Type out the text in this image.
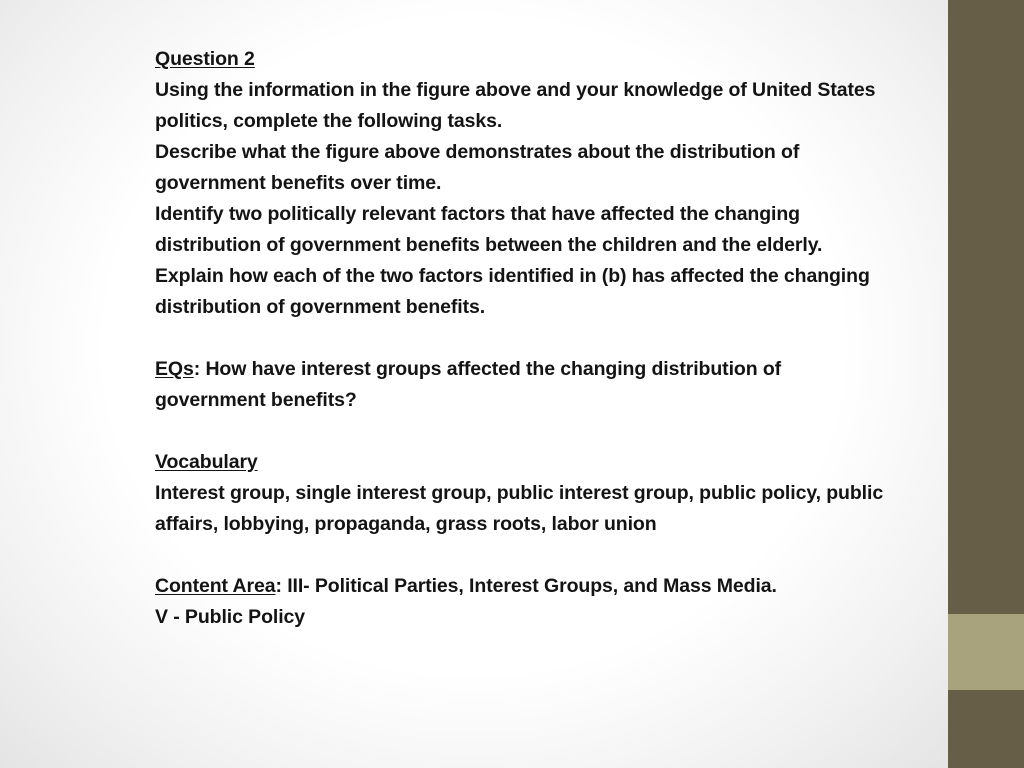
Question 2

Using the information in the figure above and your knowledge of United States politics, complete the following tasks.

Describe what the figure above demonstrates about the distribution of government benefits over time.

Identify two politically relevant factors that have affected the changing distribution of government benefits between the children and the elderly.

Explain how each of the two factors identified in (b) has affected the changing distribution of government benefits.

EQs: How have interest groups affected the changing distribution of government benefits?

Vocabulary

Interest group, single interest group, public interest group, public policy, public affairs, lobbying, propaganda, grass roots, labor union

Content Area: III- Political Parties, Interest Groups, and Mass Media.

V - Public Policy
